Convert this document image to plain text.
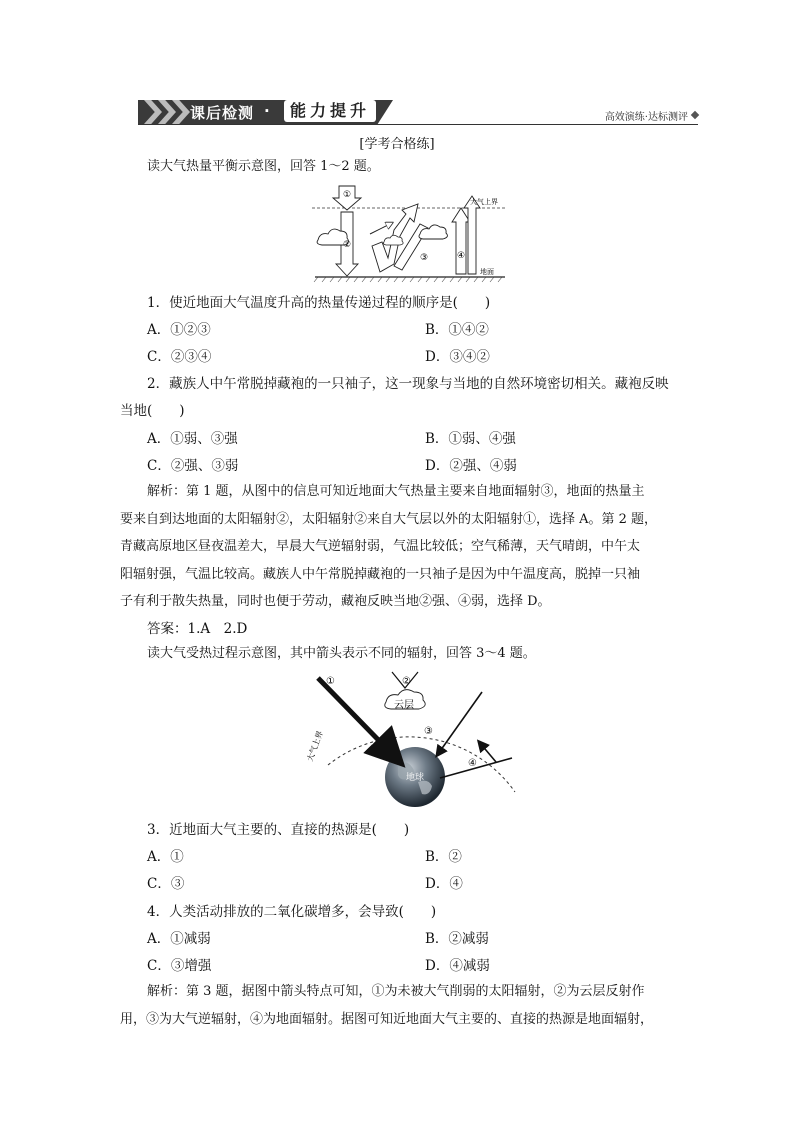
课后检测 ·	能力提升	高效演练·达标测评
[学考合格练]
读大气热量平衡示意图，回答 1～2 题。
①
②
③	④
大气上界
地面
1．使近地面大气温度升高的热量传递过程的顺序是(　　)
A．①②③	B．①④②
C．②③④	D．③④②
2．藏族人中午常脱掉藏袍的一只袖子，这一现象与当地的自然环境密切相关。藏袍反映
当地(　　)
A．①弱、③强	B．①弱、④强
C．②强、③弱	D．②强、④弱
解析：第 1 题，从图中的信息可知近地面大气热量主要来自地面辐射③，地面的热量主
要来自到达地面的太阳辐射②，太阳辐射②来自大气层以外的太阳辐射①，选择 A。第 2 题，
青藏高原地区昼夜温差大，早晨大气逆辐射弱，气温比较低；空气稀薄，天气晴朗，中午太
阳辐射强，气温比较高。藏族人中午常脱掉藏袍的一只袖子是因为中午温度高，脱掉一只袖
子有利于散失热量，同时也便于劳动，藏袍反映当地②强、④弱，选择 D。
答案：1.A　2.D
读大气受热过程示意图，其中箭头表示不同的辐射，回答 3～4 题。
①	②
③
④
云层
地球
大气上界
3．近地面大气主要的、直接的热源是(　　)
A．①	B．②
C．③	D．④
4．人类活动排放的二氧化碳增多，会导致(　　)
A．①减弱	B．②减弱
C．③增强	D．④减弱
解析：第 3 题，据图中箭头特点可知，①为未被大气削弱的太阳辐射，②为云层反射作
用，③为大气逆辐射，④为地面辐射。据图可知近地面大气主要的、直接的热源是地面辐射，
